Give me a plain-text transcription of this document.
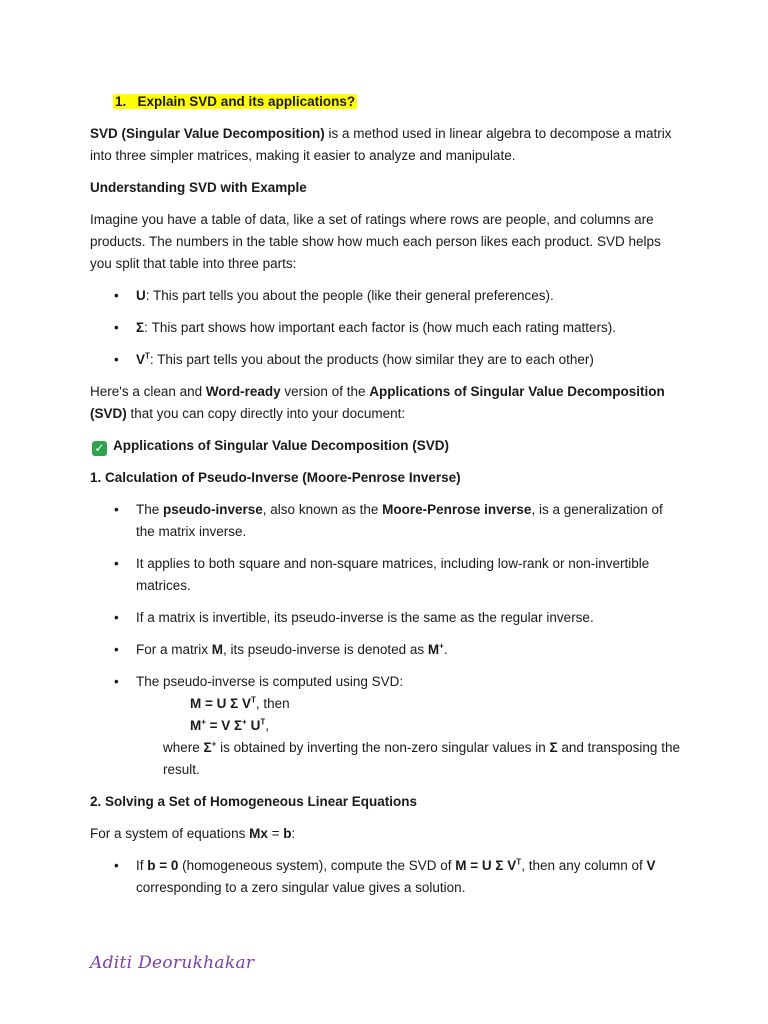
1. Explain SVD and its applications?

SVD (Singular Value Decomposition) is a method used in linear algebra to decompose a matrix into three simpler matrices, making it easier to analyze and manipulate.

Understanding SVD with Example

Imagine you have a table of data, like a set of ratings where rows are people, and columns are products. The numbers in the table show how much each person likes each product. SVD helps you split that table into three parts:

• U: This part tells you about the people (like their general preferences).
• Σ: This part shows how important each factor is (how much each rating matters).
• $V^T$: This part tells you about the products (how similar they are to each other)

Here's a clean and Word-ready version of the Applications of Singular Value Decomposition (SVD) that you can copy directly into your document:

✓ Applications of Singular Value Decomposition (SVD)

1. Calculation of Pseudo-Inverse (Moore-Penrose Inverse)

• The pseudo-inverse, also known as the Moore-Penrose inverse, is a generalization of the matrix inverse.
• It applies to both square and non-square matrices, including low-rank or non-invertible matrices.
• If a matrix is invertible, its pseudo-inverse is the same as the regular inverse.
• For a matrix M, its pseudo-inverse is denoted as M+.
• The pseudo-inverse is computed using SVD:
M = U Σ $V^T$, then
M+ = V Σ+ $U^T$,
where Σ+ is obtained by inverting the non-zero singular values in Σ and transposing the result.

2. Solving a Set of Homogeneous Linear Equations

For a system of equations Mx = b:

• If b = 0 (homogeneous system), compute the SVD of M = U Σ $V^T$, then any column of V corresponding to a zero singular value gives a solution.
Aditi Deorukhakar
